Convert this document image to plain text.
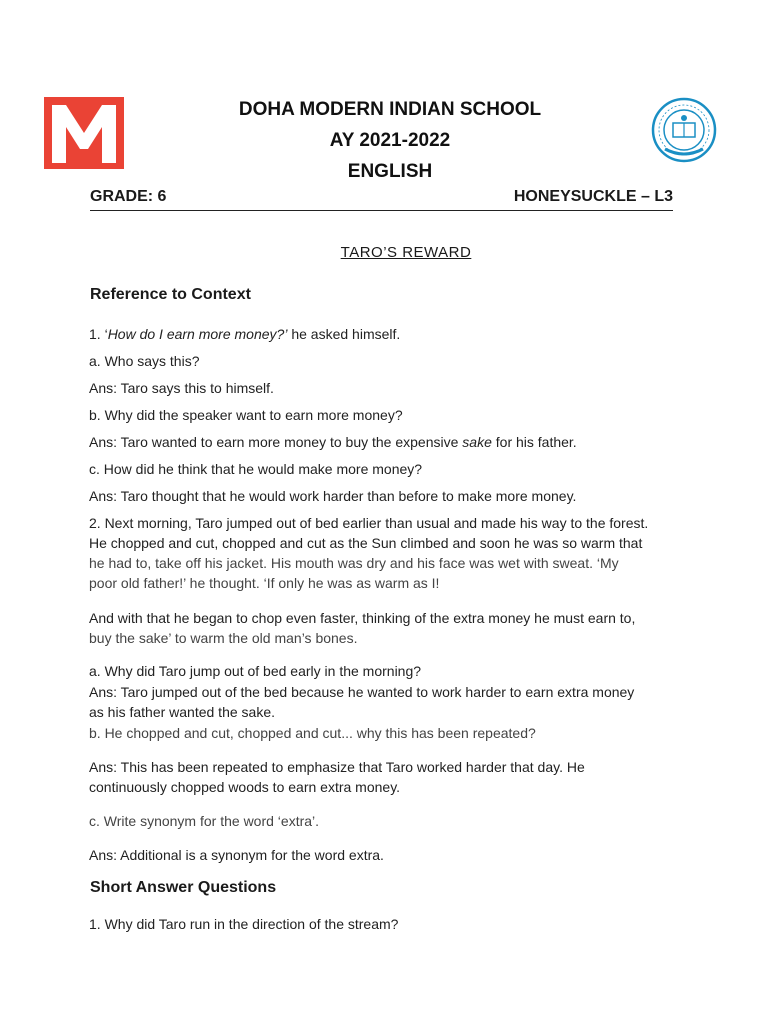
DOHA MODERN INDIAN SCHOOL
AY 2021-2022
ENGLISH
GRADE: 6	HONEYSUCKLE – L3
TARO’S REWARD
Reference to Context
1. ‘How do I earn more money?’ he asked himself.
a. Who says this?
Ans: Taro says this to himself.
b. Why did the speaker want to earn more money?
Ans: Taro wanted to earn more money to buy the expensive sake for his father.
c. How did he think that he would make more money?
Ans: Taro thought that he would work harder than before to make more money.
2. Next morning, Taro jumped out of bed earlier than usual and made his way to the forest.
He chopped and cut, chopped and cut as the Sun climbed and soon he was so warm that
he had to, take off his jacket. His mouth was dry and his face was wet with sweat. ‘My
poor old father!’ he thought. ‘If only he was as warm as I!
And with that he began to chop even faster, thinking of the extra money he must earn to,
buy the sake’ to warm the old man’s bones.
a. Why did Taro jump out of bed early in the morning?
Ans: Taro jumped out of the bed because he wanted to work harder to earn extra money
as his father wanted the sake.
b. He chopped and cut, chopped and cut... why this has been repeated?
Ans: This has been repeated to emphasize that Taro worked harder that day. He
continuously chopped woods to earn extra money.
c. Write synonym for the word ‘extra’.
Ans: Additional is a synonym for the word extra.
Short Answer Questions
1. Why did Taro run in the direction of the stream?
